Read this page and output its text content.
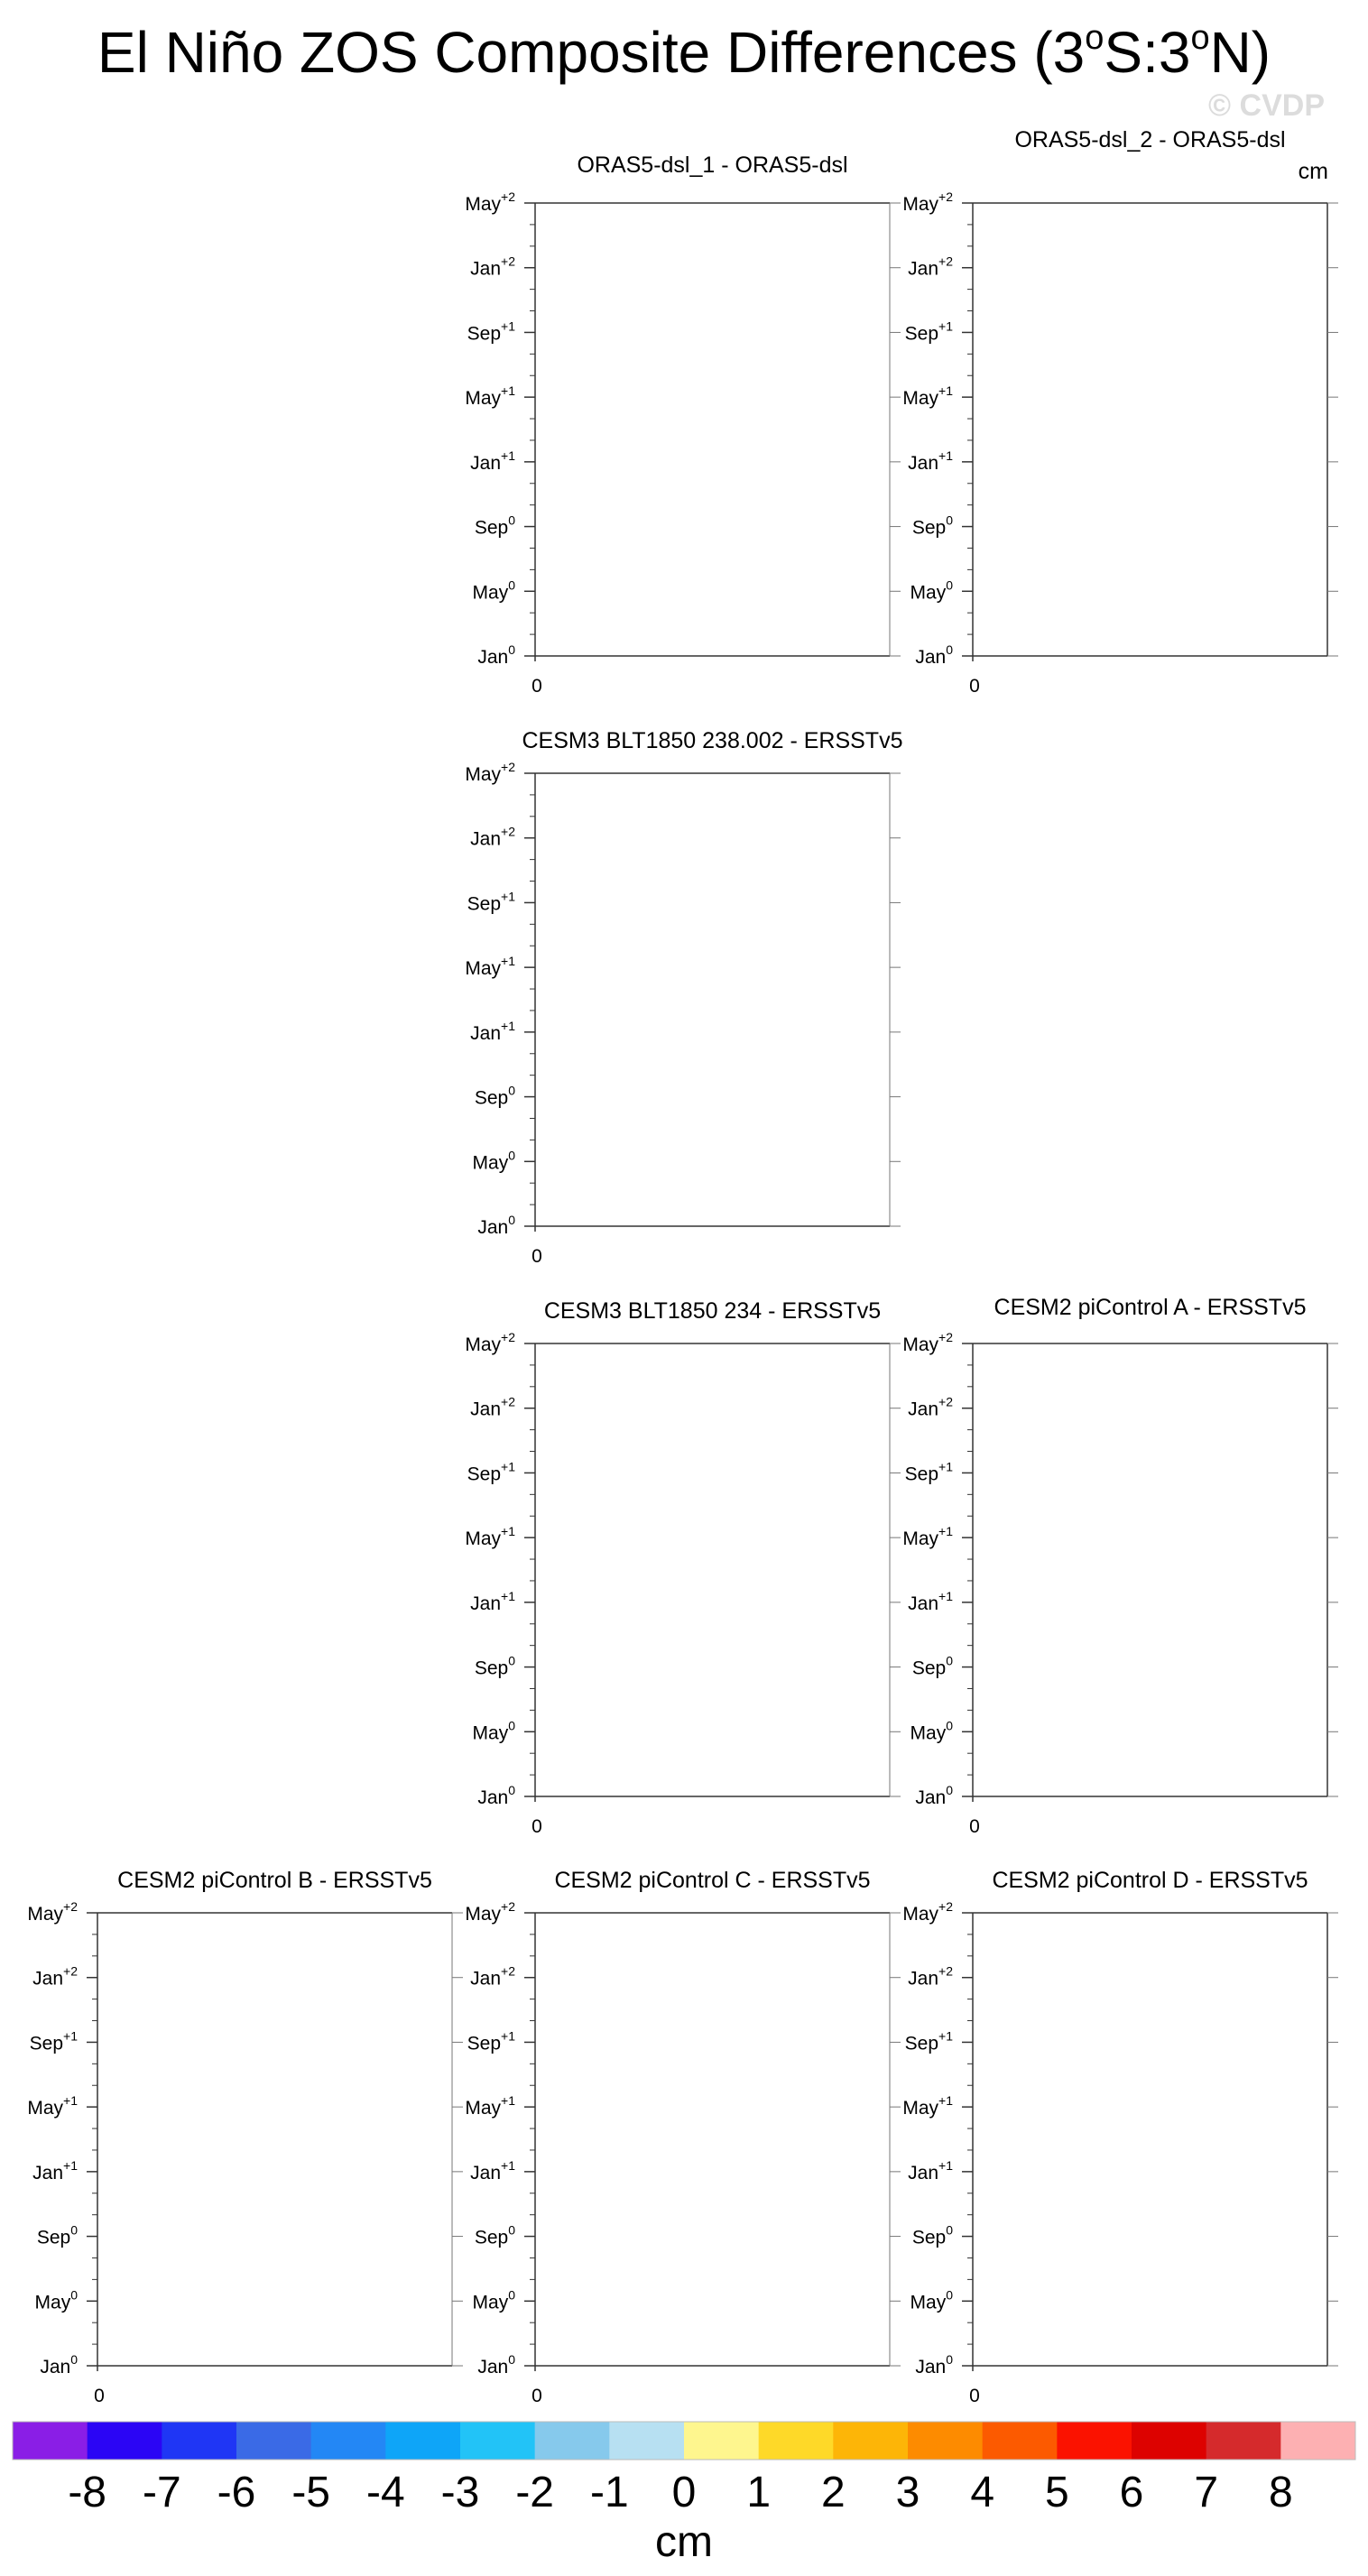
El Niño ZOS Composite Differences (3$^o$S:3$^o$N)
© CVDP
cm
ORAS5-dsl_1 - ORAS5-dsl
May$^{+2}$
Jan$^{+2}$
Sep$^{+1}$
May$^{+1}$
Jan$^{+1}$
Sep$^0$
May$^0$
Jan$^0$
0
ORAS5-dsl_2 - ORAS5-dsl
May$^{+2}$
Jan$^{+2}$
Sep$^{+1}$
May$^{+1}$
Jan$^{+1}$
Sep$^0$
May$^0$
Jan$^0$
0
CESM3 BLT1850 238.002 - ERSSTv5
May$^{+2}$
Jan$^{+2}$
Sep$^{+1}$
May$^{+1}$
Jan$^{+1}$
Sep$^0$
May$^0$
Jan$^0$
0
CESM3 BLT1850 234 - ERSSTv5
May$^{+2}$
Jan$^{+2}$
Sep$^{+1}$
May$^{+1}$
Jan$^{+1}$
Sep$^0$
May$^0$
Jan$^0$
0
CESM2 piControl A - ERSSTv5
May$^{+2}$
Jan$^{+2}$
Sep$^{+1}$
May$^{+1}$
Jan$^{+1}$
Sep$^0$
May$^0$
Jan$^0$
0
CESM2 piControl B - ERSSTv5
May$^{+2}$
Jan$^{+2}$
Sep$^{+1}$
May$^{+1}$
Jan$^{+1}$
Sep$^0$
May$^0$
Jan$^0$
0
CESM2 piControl C - ERSSTv5
May$^{+2}$
Jan$^{+2}$
Sep$^{+1}$
May$^{+1}$
Jan$^{+1}$
Sep$^0$
May$^0$
Jan$^0$
0
CESM2 piControl D - ERSSTv5
May$^{+2}$
Jan$^{+2}$
Sep$^{+1}$
May$^{+1}$
Jan$^{+1}$
Sep$^0$
May$^0$
Jan$^0$
0
-8 -7 -6 -5 -4 -3 -2 -1 0 1 2 3 4 5 6 7 8
cm
